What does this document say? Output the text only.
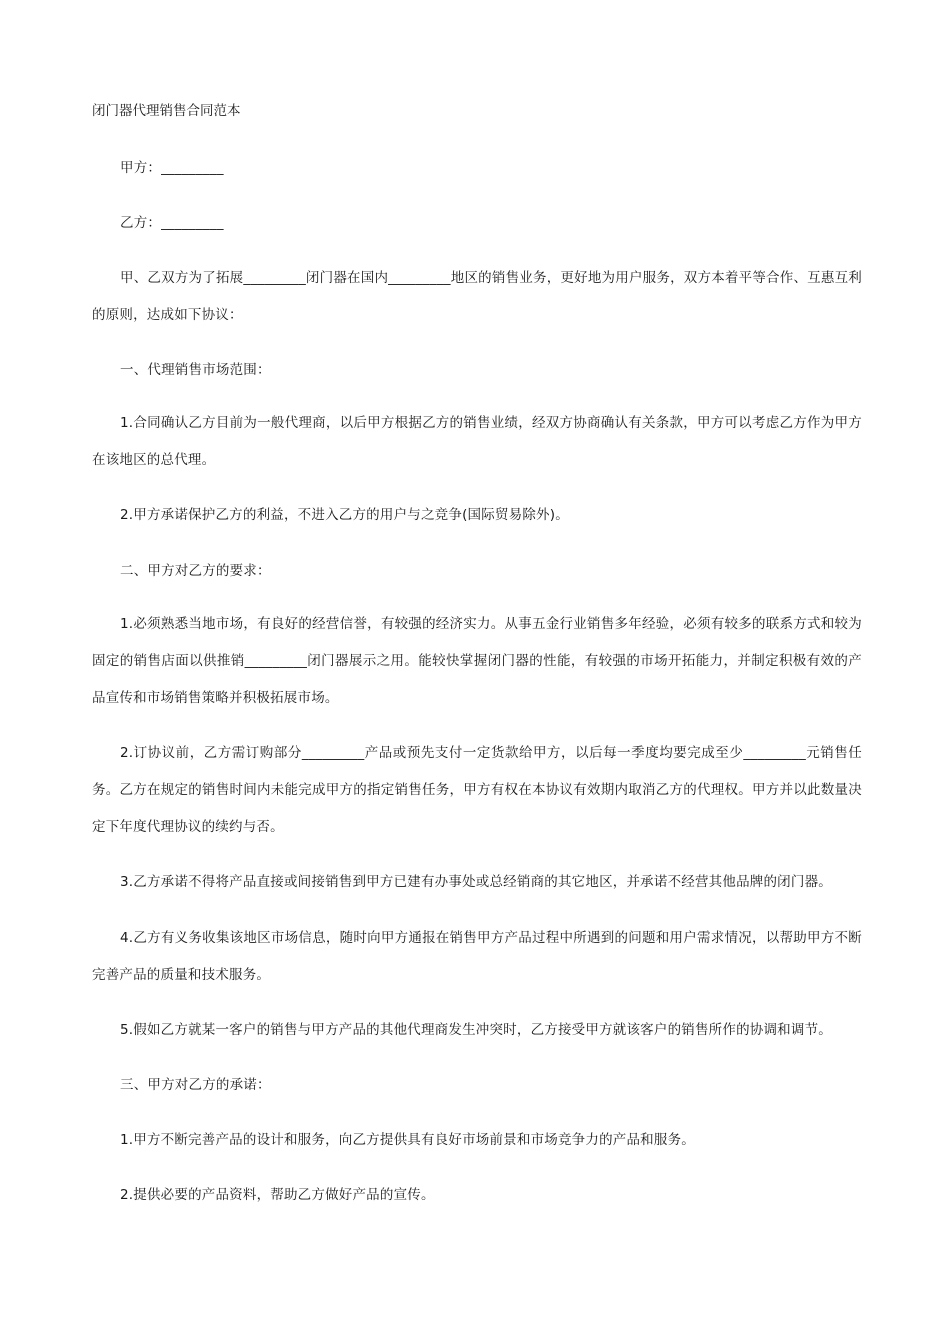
闭门器代理销售合同范本

甲方：_________

乙方：_________

甲、乙双方为了拓展_________闭门器在国内_________地区的销售业务，更好地为用户服务，双方本着平等合作、互惠互利的原则，达成如下协议：

一、代理销售市场范围：

1.合同确认乙方目前为一般代理商，以后甲方根据乙方的销售业绩，经双方协商确认有关条款，甲方可以考虑乙方作为甲方在该地区的总代理。

2.甲方承诺保护乙方的利益，不进入乙方的用户与之竞争(国际贸易除外)。

二、甲方对乙方的要求：

1.必须熟悉当地市场，有良好的经营信誉，有较强的经济实力。从事五金行业销售多年经验，必须有较多的联系方式和较为固定的销售店面以供推销_________闭门器展示之用。能较快掌握闭门器的性能，有较强的市场开拓能力，并制定积极有效的产品宣传和市场销售策略并积极拓展市场。

2.订协议前，乙方需订购部分_________产品或预先支付一定货款给甲方，以后每一季度均要完成至少_________元销售任务。乙方在规定的销售时间内未能完成甲方的指定销售任务，甲方有权在本协议有效期内取消乙方的代理权。甲方并以此数量决定下年度代理协议的续约与否。

3.乙方承诺不得将产品直接或间接销售到甲方已建有办事处或总经销商的其它地区，并承诺不经营其他品牌的闭门器。

4.乙方有义务收集该地区市场信息，随时向甲方通报在销售甲方产品过程中所遇到的问题和用户需求情况，以帮助甲方不断完善产品的质量和技术服务。

5.假如乙方就某一客户的销售与甲方产品的其他代理商发生冲突时，乙方接受甲方就该客户的销售所作的协调和调节。

三、甲方对乙方的承诺：

1.甲方不断完善产品的设计和服务，向乙方提供具有良好市场前景和市场竞争力的产品和服务。

2.提供必要的产品资料，帮助乙方做好产品的宣传。
